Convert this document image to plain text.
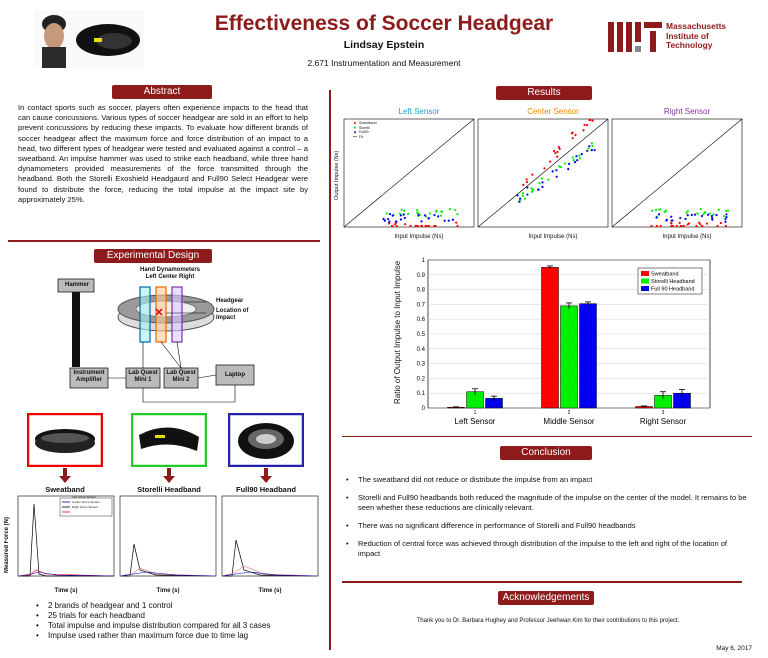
Effectiveness of Soccer Headgear
Lindsay Epstein
2.671 Instrumentation and Measurement
Massachusetts
Institute of
Technology
Abstract
In contact sports such as soccer, players often experience impacts to the head that can cause concussions. Various types of soccer headgear are sold in an effort to help prevent concussions by reducing these impacts. To evaluate how different brands of soccer headgear affect the maximum force and force distribution of an impact to a head, two different types of headgear were tested and evaluated against a control – a sweatband. An impulse hammer was used to strike each headband, while three hand dynamometers provided measurements of the force transmitted through the headband. Both the Storelli Exoshield Headgaurd and Full90 Select Headgear were found to distribute the force, reducing the total impulse at the impact site by approximately 25%.
Experimental Design
Hand Dynamometers
Left Center Right
Headgear
Location of
Impact
Hammer
Instrument
Amplifier
Lab Quest
Mini 1
Lab Quest
Mini 2
Laptop
Sweatband	Storelli Headband	Full90 Headband
Measured Force (N)
Left Force Sensor
Center Force Sensor
Right Force Sensor
Time (s)	Time (s)	Time (s)
• 2 brands of headgear and 1 control
• 25 trials for each headband
• Total impulse and impulse distribution compared for all 3 cases
• Impulse used rather than maximum force due to time lag
Results
Left Sensor	Center Sensor	Right Sensor
Output Impulse (Ns)
Sweatband
Storelli
Full90
Fit
Input Impulse (Ns)	Input Impulse (Ns)	Input Impulse (Ns)
Ratio of Output Impulse to Input Impulse
0
0.1
0.2
0.3
0.4
0.5
0.6
0.7
0.8
0.9
1
1
Left Sensor
2
Middle Sensor
3
Right Sensor
Sweatband
Storelli Headband
Full 90 Headband
Conclusion
• The sweatband did not reduce or distribute the impulse from an impact
• Storelli and Full90 headbands both reduced the magnitude of the impulse on the center of the model. It remains to be seen whether these reductions are clinically relevant.
• There was no significant difference in performance of Storelli and Full90 headbands
• Reduction of central force was achieved through distribution of the impulse to the left and right of the location of impact
Acknowledgements
Thank you to Dr. Barbara Hughey and Professor Jeehwan Kim for their contributions to this project.
May 6, 2017
